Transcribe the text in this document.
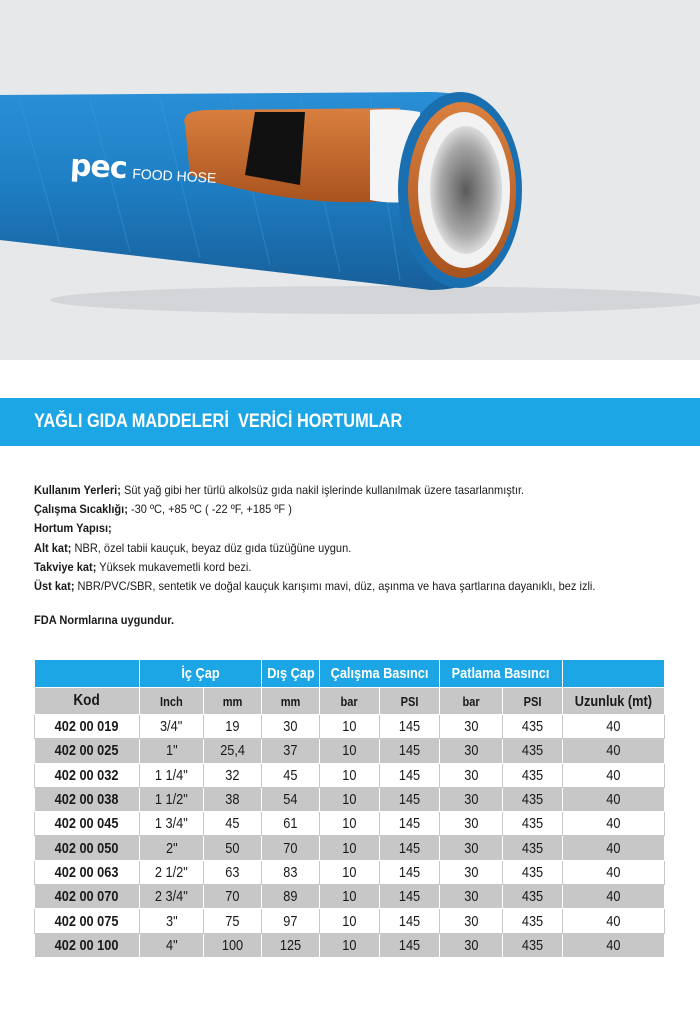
pec FOOD HOSE
YAĞLI GIDA MADDELERİ  VERİCİ HORTUMLAR
Kullanım Yerleri; Süt yağ gibi her türlü alkolsüz gıda nakil işlerinde kullanılmak üzere tasarlanmıştır.
Çalışma Sıcaklığı; -30 ºC, +85 ºC ( -22 ºF, +185 ºF )
Hortum Yapısı;
Alt kat; NBR, özel tabii kauçuk, beyaz düz gıda tüzüğüne uygun.
Takviye kat; Yüksek mukavemetli kord bezi.
Üst kat; NBR/PVC/SBR, sentetik ve doğal kauçuk karışımı mavi, düz, aşınma ve hava şartlarına dayanıklı, bez izli.
FDA Normlarına uygundur.
	İç Çap		Dış Çap	Çalışma Basıncı		Patlama Basıncı		
Kod	Inch	mm	mm	bar	PSI	bar	PSI	Uzunluk (mt)
402 00 019	3/4"	19	30	10	145	30	435	40
402 00 025	1"	25,4	37	10	145	30	435	40
402 00 032	1 1/4"	32	45	10	145	30	435	40
402 00 038	1 1/2"	38	54	10	145	30	435	40
402 00 045	1 3/4"	45	61	10	145	30	435	40
402 00 050	2"	50	70	10	145	30	435	40
402 00 063	2 1/2"	63	83	10	145	30	435	40
402 00 070	2 3/4"	70	89	10	145	30	435	40
402 00 075	3"	75	97	10	145	30	435	40
402 00 100	4"	100	125	10	145	30	435	40
